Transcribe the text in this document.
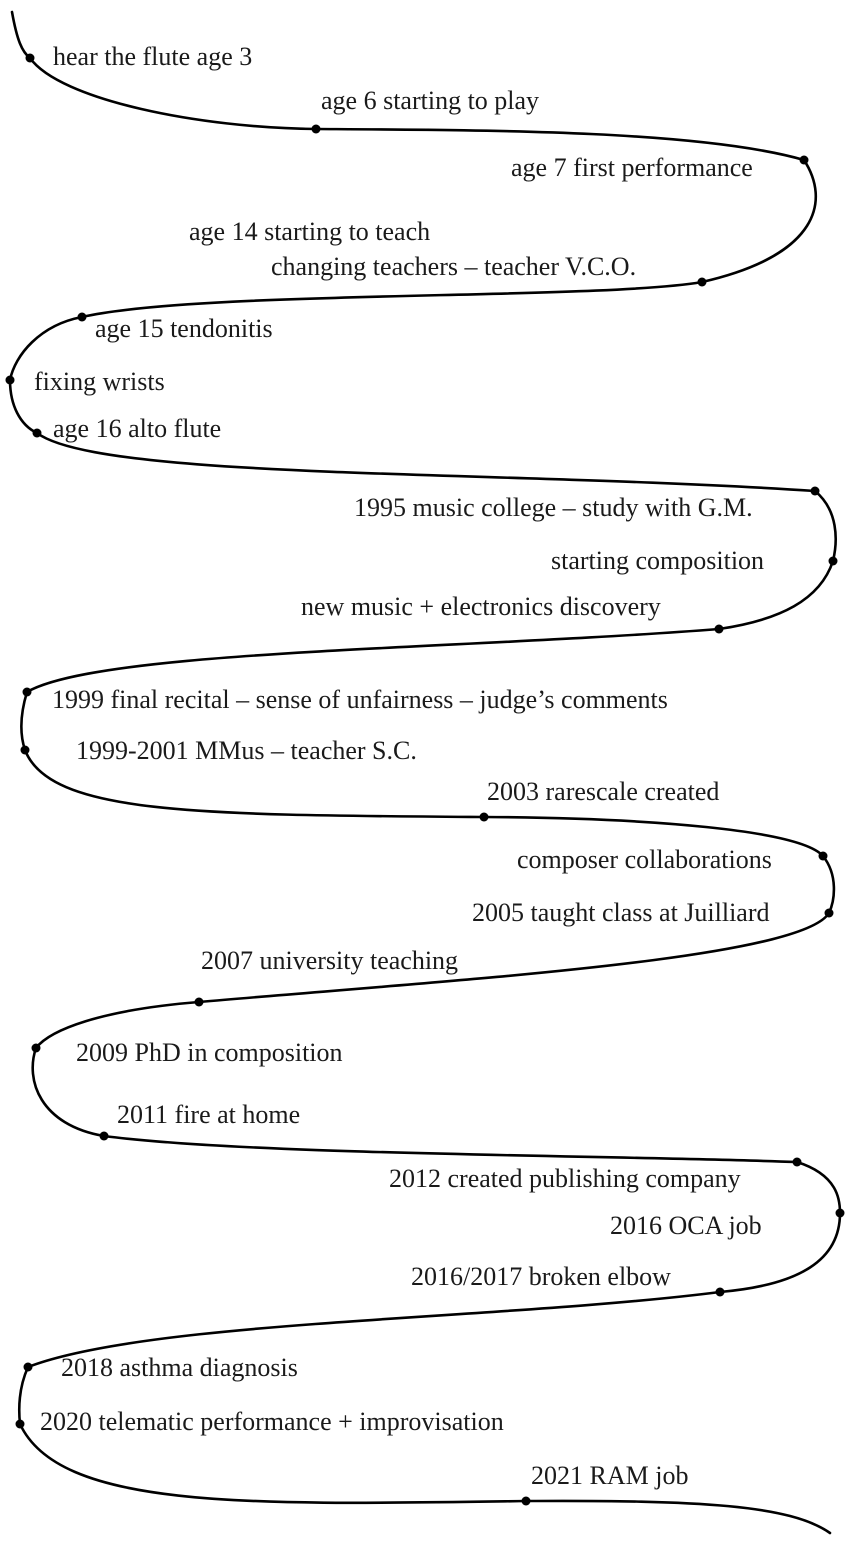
hear the flute age 3
age 6 starting to play
age 7 first performance
age 14 starting to teach
changing teachers – teacher V.C.O.
age 15 tendonitis
fixing wrists
age 16 alto flute
1995 music college – study with G.M.
starting composition
new music + electronics discovery
1999 final recital – sense of unfairness – judge’s comments
1999-2001 MMus – teacher S.C.
2003 rarescale created
composer collaborations
2005 taught class at Juilliard
2007 university teaching
2009 PhD in composition
2011 fire at home
2012 created publishing company
2016 OCA job
2016/2017 broken elbow
2018 asthma diagnosis
2020 telematic performance + improvisation
2021 RAM job
